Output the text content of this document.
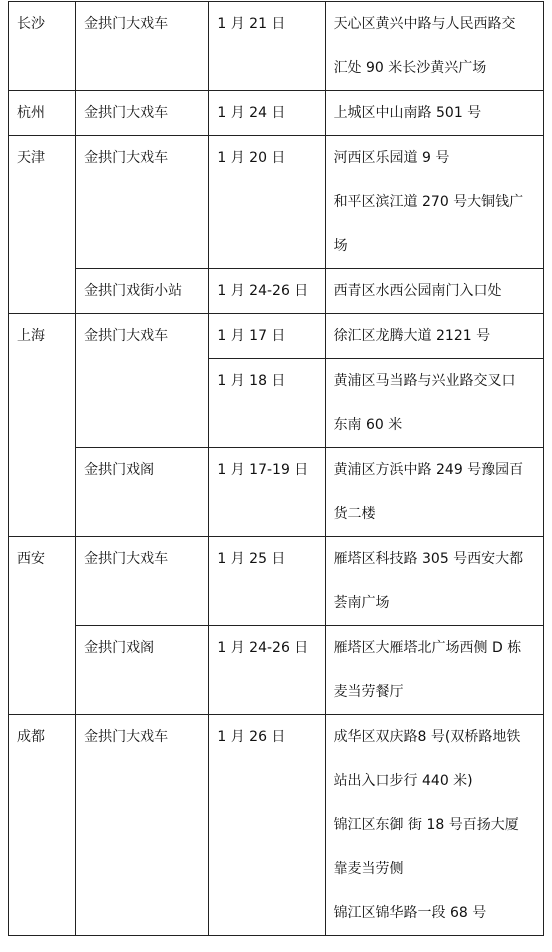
长沙	金拱门大戏车	1 月 21 日	天心区黄兴中路与人民西路交
汇处 90 米长沙黄兴广场

杭州	金拱门大戏车	1 月 24 日	上城区中山南路 501 号

天津	金拱门大戏车	1 月 20 日	河西区乐园道 9 号
和平区滨江道 270 号大铜钱广
场

	金拱门戏街小站	1 月 24-26 日	西青区水西公园南门入口处

上海	金拱门大戏车	1 月 17 日	徐汇区龙腾大道 2121 号

		1 月 18 日	黄浦区马当路与兴业路交叉口
东南 60 米

	金拱门戏阁	1 月 17-19 日	黄浦区方浜中路 249 号豫园百
货二楼

西安	金拱门大戏车	1 月 25 日	雁塔区科技路 305 号西安大都
荟南广场

	金拱门戏阁	1 月 24-26 日	雁塔区大雁塔北广场西侧 D 栋
麦当劳餐厅

成都	金拱门大戏车	1 月 26 日	成华区双庆路8 号(双桥路地铁
站出入口步行 440 米)
锦江区东御 街 18 号百扬大厦
靠麦当劳侧
锦江区锦华路一段 68 号
